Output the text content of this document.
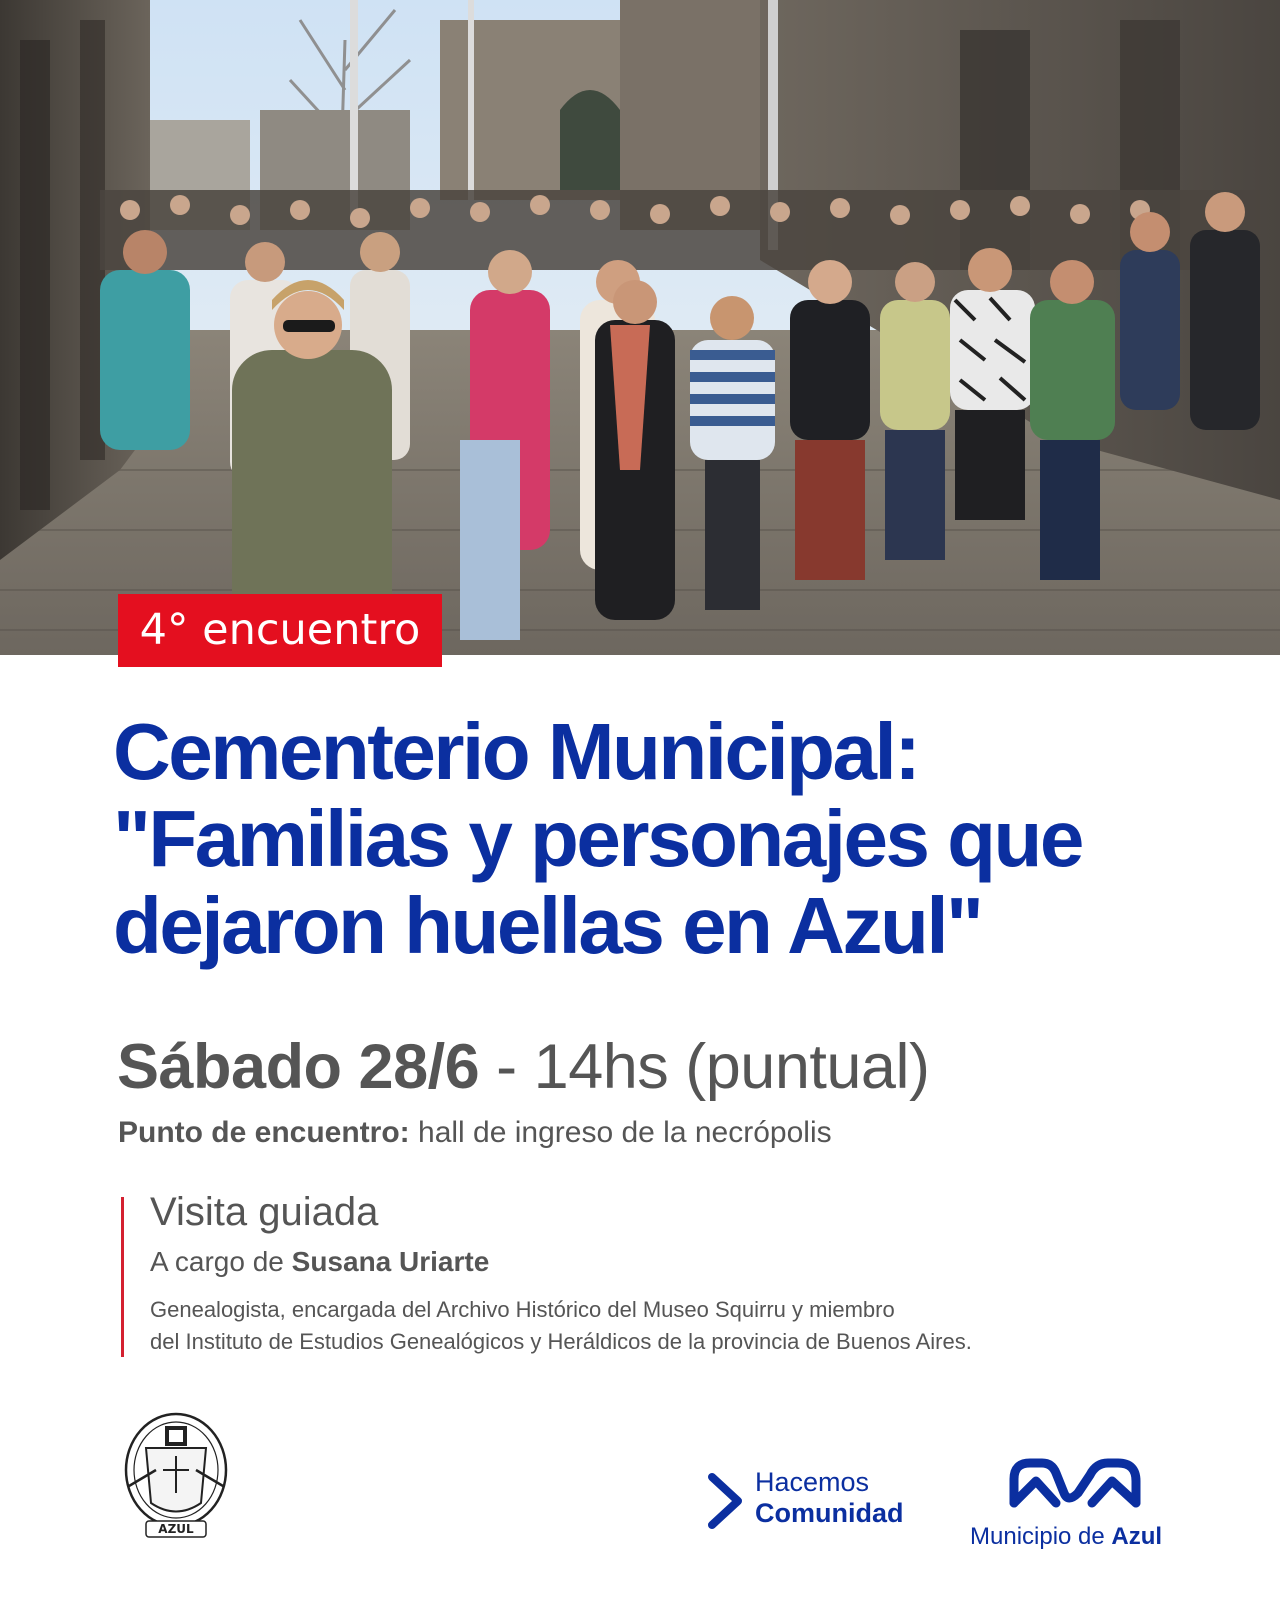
4° encuentro
Cementerio Municipal:
"Familias y personajes que
dejaron huellas en Azul"
Sábado 28/6 - 14hs (puntual)
Punto de encuentro: hall de ingreso de la necrópolis
Visita guiada
A cargo de Susana Uriarte
Genealogista, encargada del Archivo Histórico del Museo Squirru y miembro
del Instituto de Estudios Genealógicos y Heráldicos de la provincia de Buenos Aires.
AZUL
Hacemos
Comunidad
Municipio de Azul
